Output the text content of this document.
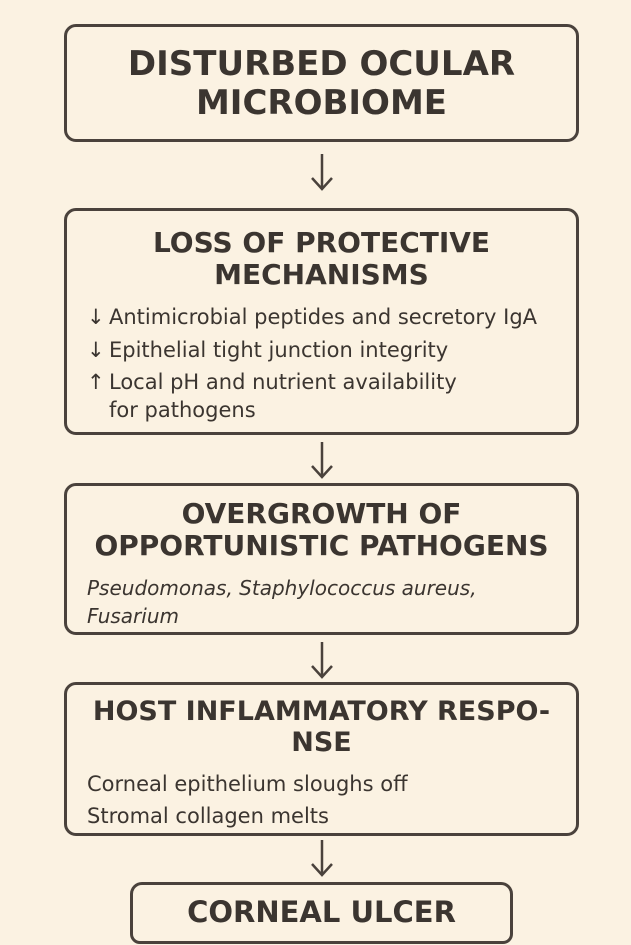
DISTURBED OCULAR
MICROBIOME
LOSS OF PROTECTIVE
MECHANISMS
↓ Antimicrobial peptides and secretory IgA
↓ Epithelial tight junction integrity
↑ Local pH and nutrient availability
for pathogens
OVERGROWTH OF
OPPORTUNISTIC PATHOGENS
Pseudomonas, Staphylococcus aureus,
Fusarium
HOST INFLAMMATORY RESPO-
NSE
Corneal epithelium sloughs off
Stromal collagen melts
CORNEAL ULCER
